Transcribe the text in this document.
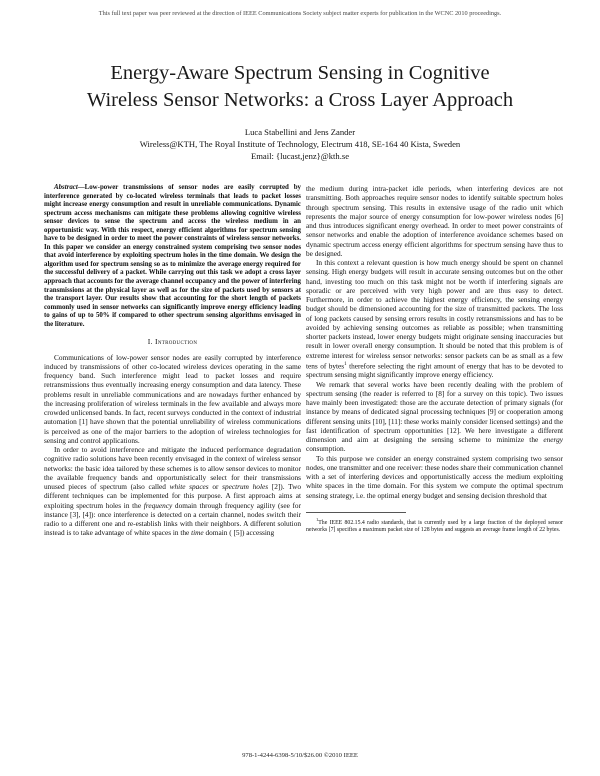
This full text paper was peer reviewed at the direction of IEEE Communications Society subject matter experts for publication in the WCNC 2010 proceedings.
Energy-Aware Spectrum Sensing in Cognitive
Wireless Sensor Networks: a Cross Layer Approach
Luca Stabellini and Jens Zander
Wireless@KTH, The Royal Institute of Technology, Electrum 418, SE-164 40 Kista, Sweden
Email: {lucast,jenz}@kth.se

Abstract—Low-power transmissions of sensor nodes are easily corrupted by interference generated by co-located wireless terminals that leads to packet losses might increase energy consumption and result in unreliable communications. Dynamic spectrum access mechanisms can mitigate these problems allowing cognitive wireless sensor devices to sense the spectrum and access the wireless medium in an opportunistic way. With this respect, energy efficient algorithms for spectrum sensing have to be designed in order to meet the power constraints of wireless sensor networks. In this paper we consider an energy constrained system comprising two sensor nodes that avoid interference by exploiting spectrum holes in the time domain. We design the algorithm used for spectrum sensing so as to minimize the average energy required for the successful delivery of a packet. While carrying out this task we adopt a cross layer approach that accounts for the average channel occupancy and the power of interfering transmissions at the physical layer as well as for the size of packets used by sensors at the transport layer. Our results show that accounting for the short length of packets commonly used in sensor networks can significantly improve energy efficiency leading to gains of up to 50% if compared to other spectrum sensing algorithms envisaged in the literature.

I. Introduction

Communications of low-power sensor nodes are easily corrupted by interference induced by transmissions of other co-located wireless devices operating in the same frequency band. Such interference might lead to packet losses and require retransmissions thus eventually increasing energy consumption and data latency. These problems result in unreliable communications and are nowadays further enhanced by the increasing proliferation of wireless terminals in the few available and always more crowded unlicensed bands. In fact, recent surveys conducted in the context of industrial automation [1] have shown that the potential unreliability of wireless communications is perceived as one of the major barriers to the adoption of wireless technologies for sensing and control applications.

In order to avoid interference and mitigate the induced performance degradation cognitive radio solutions have been recently envisaged in the context of wireless sensor networks: the basic idea tailored by these schemes is to allow sensor devices to monitor the available frequency bands and opportunistically select for their transmissions unused pieces of spectrum (also called white spaces or spectrum holes [2]). Two different techniques can be implemented for this purpose. A first approach aims at exploiting spectrum holes in the frequency domain through frequency agility (see for instance [3], [4]): once interference is detected on a certain channel, nodes switch their radio to a different one and re-establish links with their neighbors. A different solution instead is to take advantage of white spaces in the time domain ( [5]) accessing

the medium during intra-packet idle periods, when interfering devices are not transmitting. Both approaches require sensor nodes to identify suitable spectrum holes through spectrum sensing. This results in extensive usage of the radio unit which represents the major source of energy consumption for low-power wireless nodes [6] and thus introduces significant energy overhead. In order to meet power constraints of sensor networks and enable the adoption of interference avoidance schemes based on dynamic spectrum access energy efficient algorithms for spectrum sensing have thus to be designed.

In this context a relevant question is how much energy should be spent on channel sensing. High energy budgets will result in accurate sensing outcomes but on the other hand, investing too much on this task might not be worth if interfering signals are sporadic or are perceived with very high power and are thus easy to detect. Furthermore, in order to achieve the highest energy efficiency, the sensing energy budget should be dimensioned accounting for the size of transmitted packets. The loss of long packets caused by sensing errors results in costly retransmissions and has to be avoided by achieving sensing outcomes as reliable as possible; when transmitting shorter packets instead, lower energy budgets might originate sensing inaccuracies but result in lower overall energy consumption. It should be noted that this problem is of extreme interest for wireless sensor networks: sensor packets can be as small as a few tens of bytes$^1$ therefore selecting the right amount of energy that has to be devoted to spectrum sensing might significantly improve energy efficiency.

We remark that several works have been recently dealing with the problem of spectrum sensing (the reader is referred to [8] for a survey on this topic). Two issues have mainly been investigated: those are the accurate detection of primary signals (for instance by means of dedicated signal processing techniques [9] or cooperation among different sensing units [10], [11]: these works mainly consider licensed settings) and the fast identification of spectrum opportunities [12]. We here investigate a different dimension and aim at designing the sensing scheme to minimize the energy consumption.

To this purpose we consider an energy constrained system comprising two sensor nodes, one transmitter and one receiver: these nodes share their communication channel with a set of interfering devices and opportunistically access the medium exploiting white spaces in the time domain. For this system we compute the optimal spectrum sensing strategy, i.e. the optimal energy budget and sensing decision threshold that

$^1$The IEEE 802.15.4 radio standards, that is currently used by a large fraction of the deployed sensor networks [7] specifies a maximum packet size of 128 bytes and suggests an average frame length of 22 bytes.

978-1-4244-6398-5/10/$26.00 ©2010 IEEE
